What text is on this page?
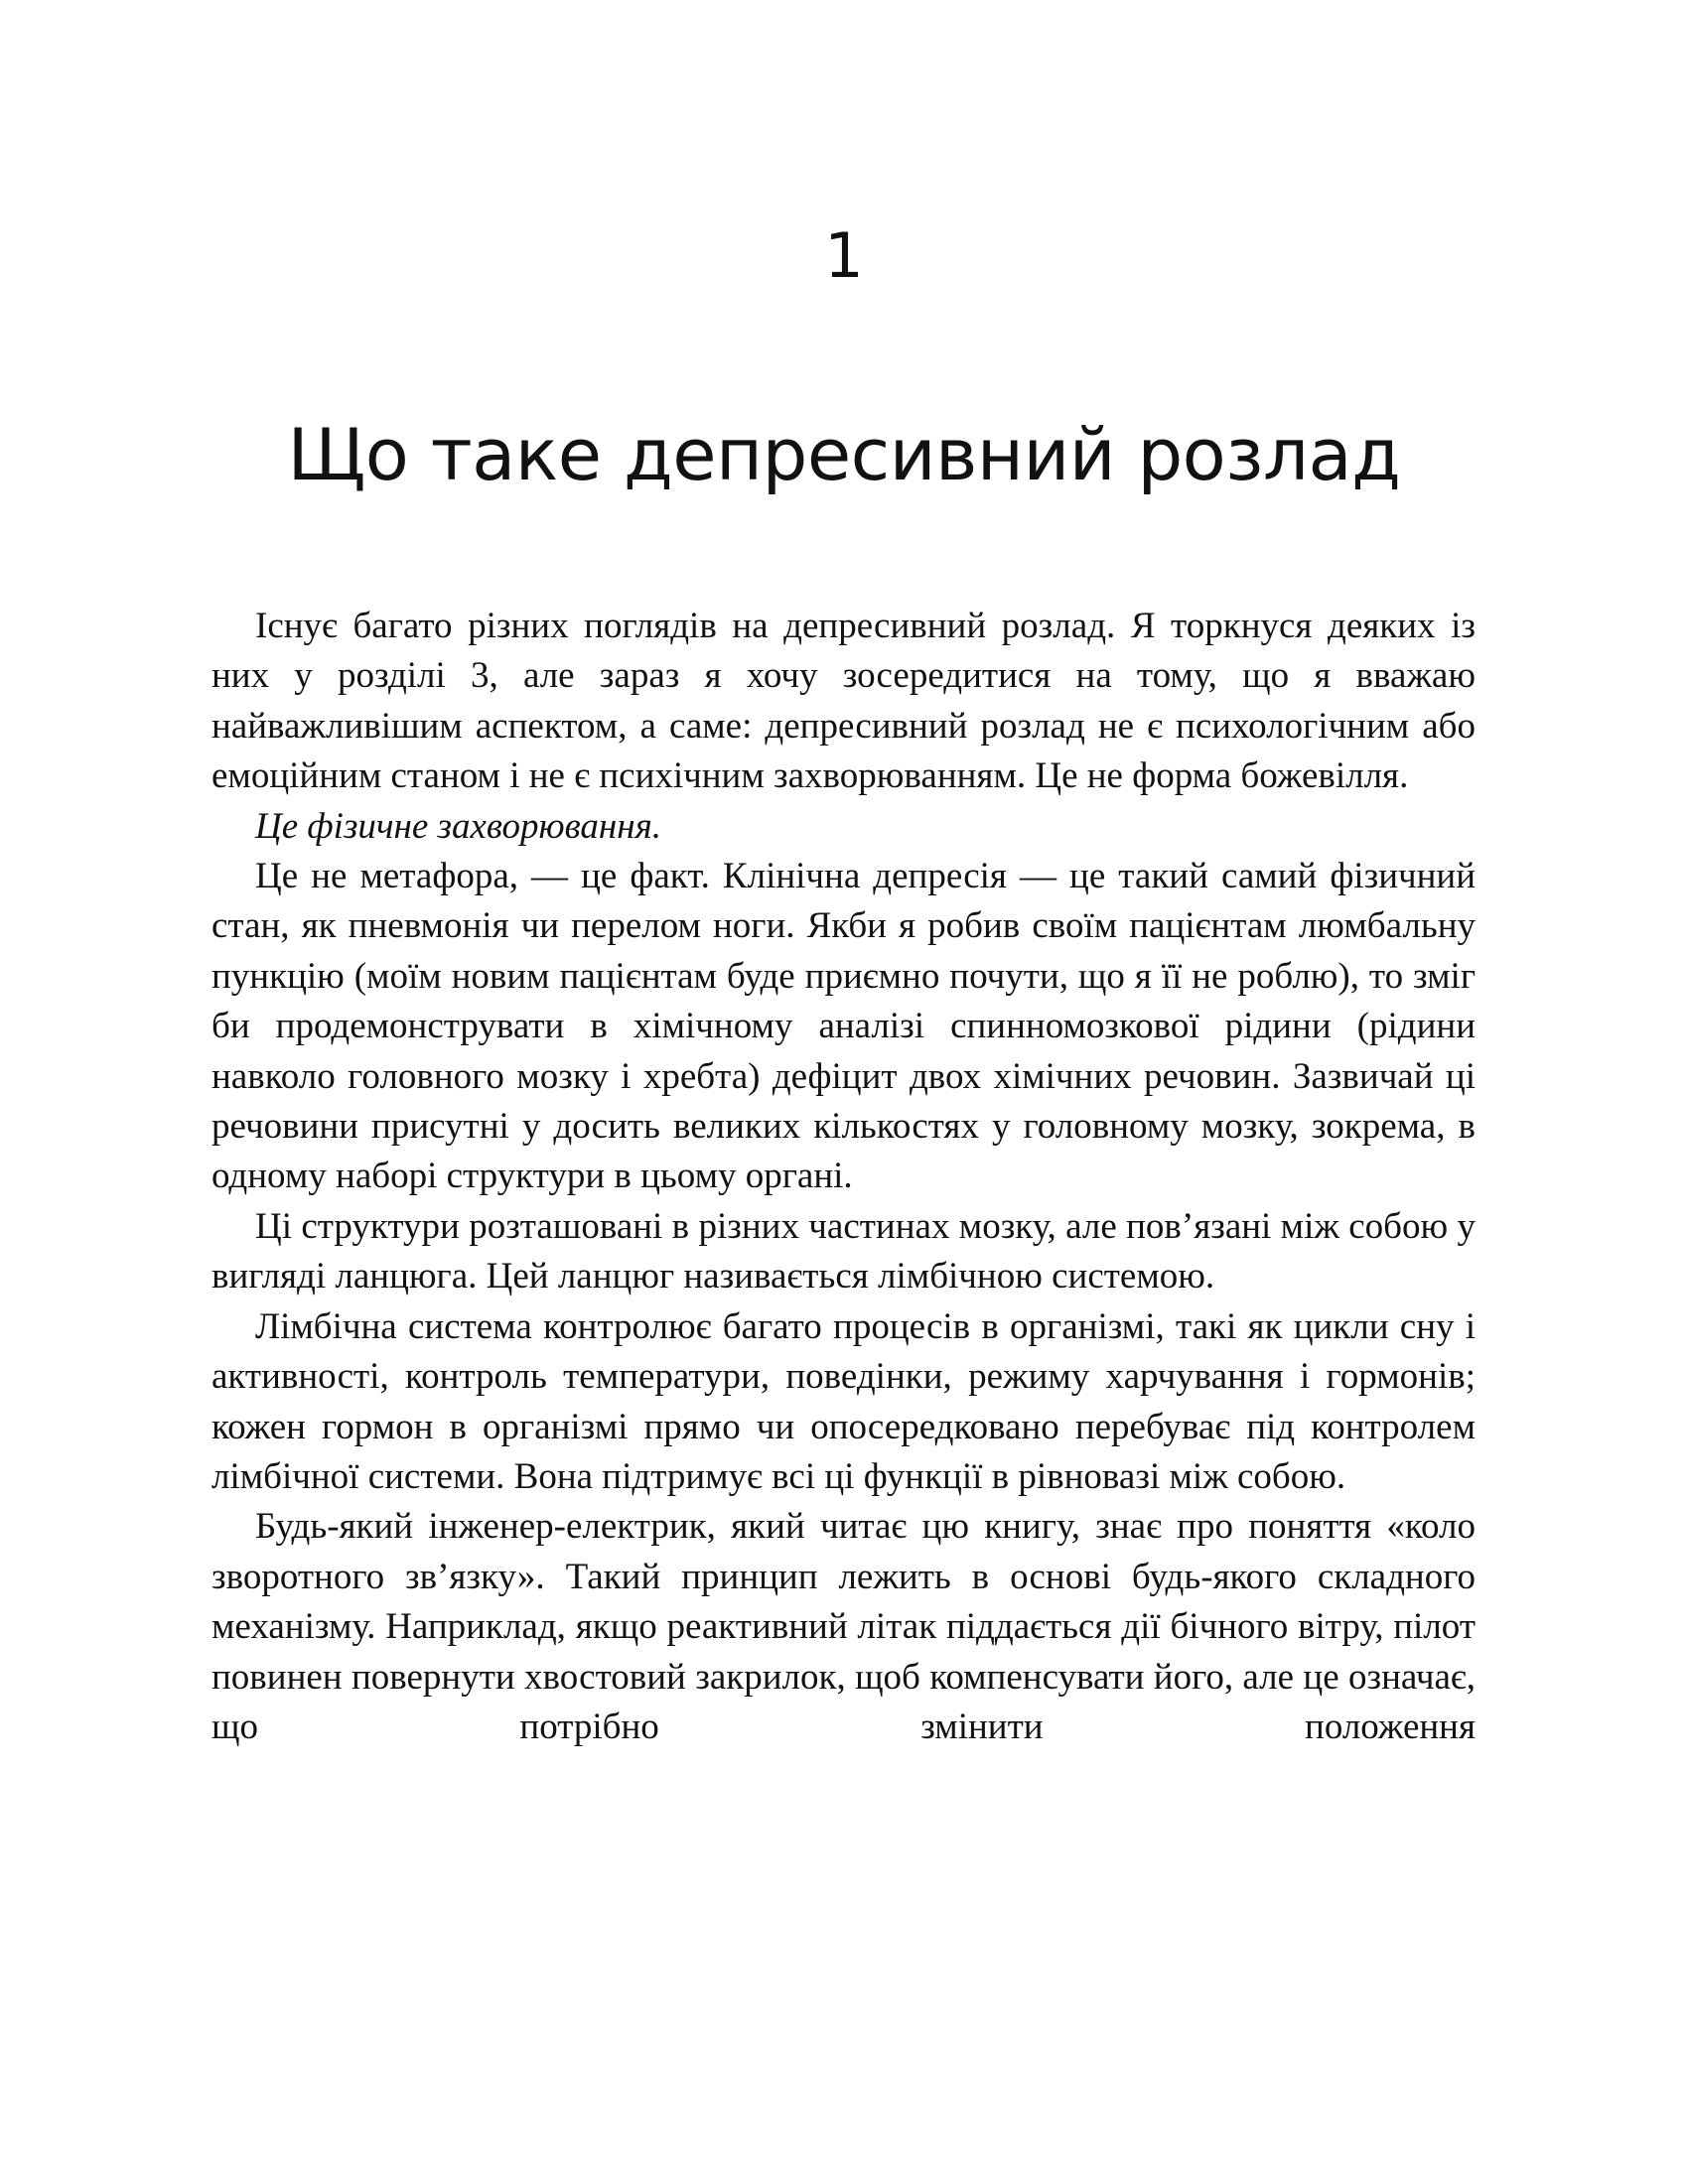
1
Що таке депресивний розлад

Існує багато різних поглядів на депресивний розлад. Я торкнуся деяких із них у розділі 3, але зараз я хочу зосередитися на тому, що я вважаю найважливішим аспектом, а саме: депресивний розлад не є психологічним або емоційним станом і не є психічним захворюванням. Це не форма божевілля.

Це фізичне захворювання.

Це не метафора, — це факт. Клінічна депресія — це такий самий фізичний стан, як пневмонія чи перелом ноги. Якби я робив своїм пацієнтам люмбальну пункцію (моїм новим пацієнтам буде приємно почути, що я її не роблю), то зміг би продемонструвати в хімічному аналізі спинномозкової рідини (рідини навколо головного мозку і хребта) дефіцит двох хімічних речовин. Зазвичай ці речовини присутні у досить великих кількостях у головному мозку, зокрема, в одному наборі структури в цьому органі.

Ці структури розташовані в різних частинах мозку, але пов’язані між собою у вигляді ланцюга. Цей ланцюг називається лімбічною системою.

Лімбічна система контролює багато процесів в організмі, такі як цикли сну і активності, контроль температури, поведінки, режиму харчування і гормонів; кожен гормон в організмі прямо чи опосередковано перебуває під контролем лімбічної системи. Вона підтримує всі ці функції в рівновазі між собою.

Будь-який інженер-електрик, який читає цю книгу, знає про поняття «коло зворотного зв’язку». Такий принцип лежить в основі будь-якого складного механізму. Наприклад, якщо реактивний літак піддається дії бічного вітру, пілот повинен повернути хвостовий закрилок, щоб компенсувати його, але це означає, що потрібно змінити положення
